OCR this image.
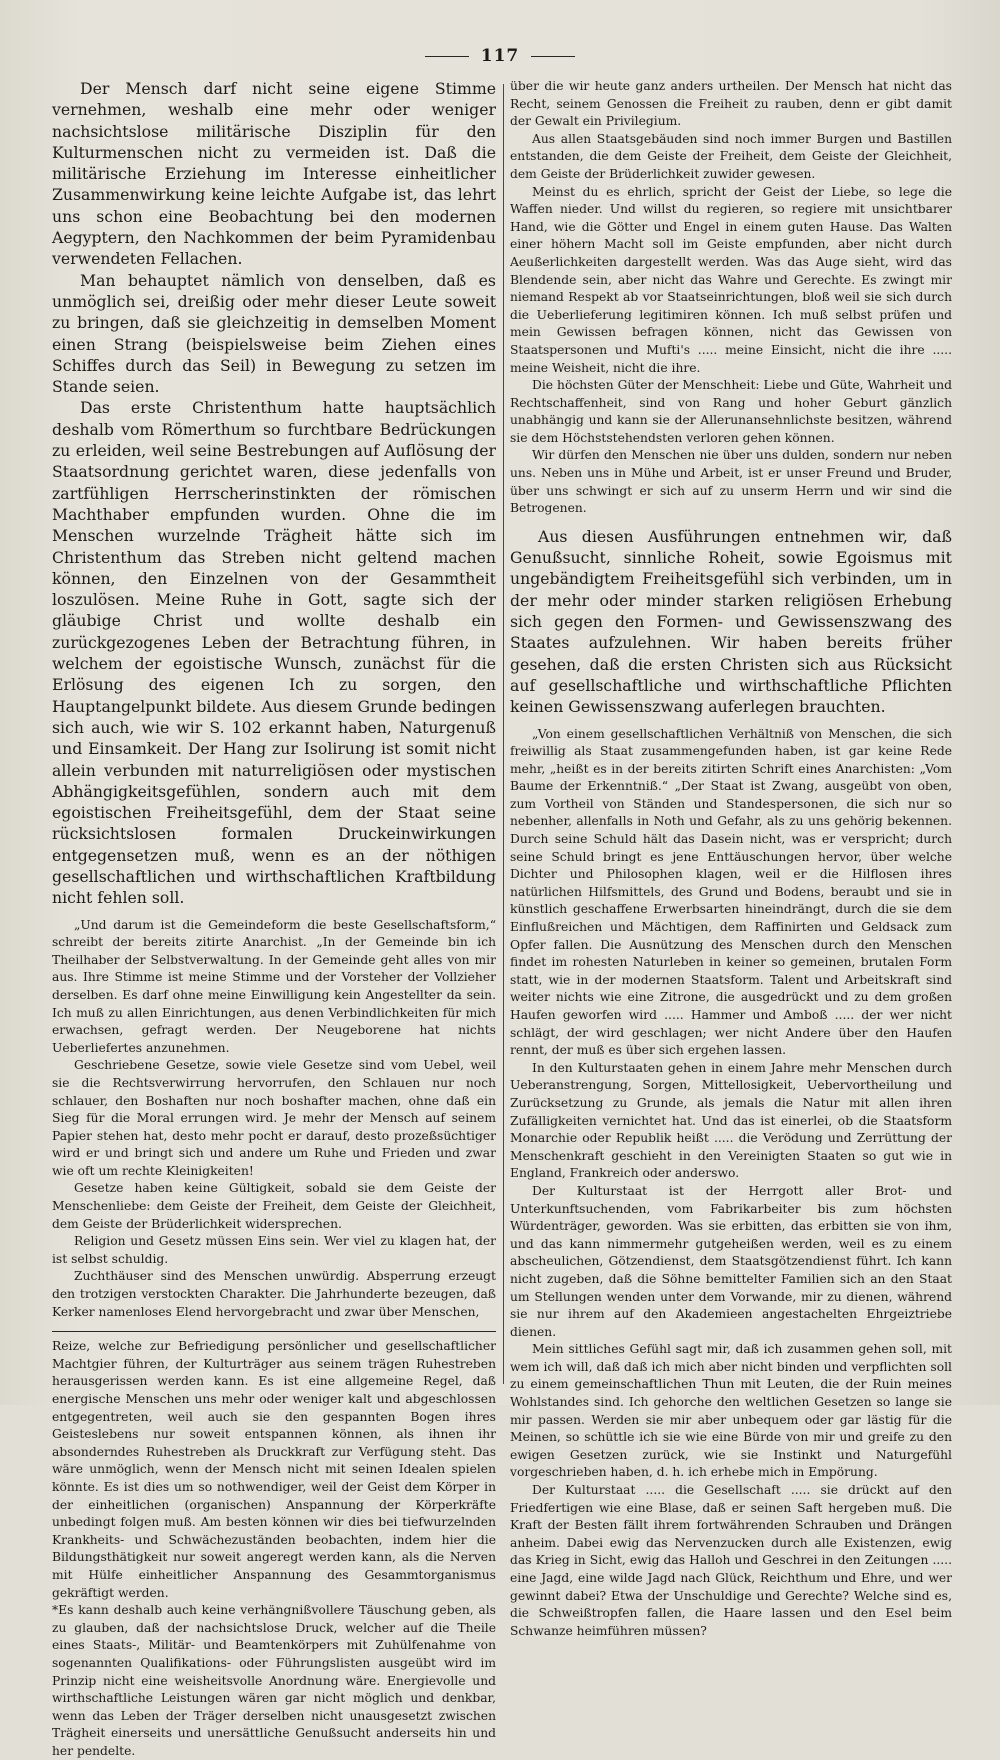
117

Der Mensch darf nicht seine eigene Stimme vernehmen, weshalb eine mehr oder weniger nachsichtslose militärische Disziplin für den Kulturmenschen nicht zu vermeiden ist. Daß die militärische Erziehung im Interesse einheitlicher Zusammenwirkung keine leichte Aufgabe ist, das lehrt uns schon eine Beobachtung bei den modernen Aegyptern, den Nachkommen der beim Pyramidenbau verwendeten Fellachen.

Man behauptet nämlich von denselben, daß es unmöglich sei, dreißig oder mehr dieser Leute soweit zu bringen, daß sie gleichzeitig in demselben Moment einen Strang (beispielsweise beim Ziehen eines Schiffes durch das Seil) in Bewegung zu setzen im Stande seien.

Das erste Christenthum hatte hauptsächlich deshalb vom Römerthum so furchtbare Bedrückungen zu erleiden, weil seine Bestrebungen auf Auflösung der Staatsordnung gerichtet waren, diese jedenfalls von zartfühligen Herrscherinstinkten der römischen Machthaber empfunden wurden. Ohne die im Menschen wurzelnde Trägheit hätte sich im Christenthum das Streben nicht geltend machen können, den Einzelnen von der Gesammtheit loszulösen. Meine Ruhe in Gott, sagte sich der gläubige Christ und wollte deshalb ein zurückgezogenes Leben der Betrachtung führen, in welchem der egoistische Wunsch, zunächst für die Erlösung des eigenen Ich zu sorgen, den Hauptangelpunkt bildete. Aus diesem Grunde bedingen sich auch, wie wir S. 102 erkannt haben, Naturgenuß und Einsamkeit. Der Hang zur Isolirung ist somit nicht allein verbunden mit naturreligiösen oder mystischen Abhängigkeitsgefühlen, sondern auch mit dem egoistischen Freiheitsgefühl, dem der Staat seine rücksichtslosen formalen Druckeinwirkungen entgegensetzen muß, wenn es an der nöthigen gesellschaftlichen und wirthschaftlichen Kraftbildung nicht fehlen soll.

„Und darum ist die Gemeindeform die beste Gesellschaftsform,“ schreibt der bereits zitirte Anarchist. „In der Gemeinde bin ich Theilhaber der Selbstverwaltung. In der Gemeinde geht alles von mir aus. Ihre Stimme ist meine Stimme und der Vorsteher der Vollzieher derselben. Es darf ohne meine Einwilligung kein Angestellter da sein. Ich muß zu allen Einrichtungen, aus denen Verbindlichkeiten für mich erwachsen, gefragt werden. Der Neugeborene hat nichts Ueberliefertes anzunehmen.

Geschriebene Gesetze, sowie viele Gesetze sind vom Uebel, weil sie die Rechtsverwirrung hervorrufen, den Schlauen nur noch schlauer, den Boshaften nur noch boshafter machen, ohne daß ein Sieg für die Moral errungen wird. Je mehr der Mensch auf seinem Papier stehen hat, desto mehr pocht er darauf, desto prozeßsüchtiger wird er und bringt sich und andere um Ruhe und Frieden und zwar wie oft um rechte Kleinigkeiten!

Gesetze haben keine Gültigkeit, sobald sie dem Geiste der Menschenliebe: dem Geiste der Freiheit, dem Geiste der Gleichheit, dem Geiste der Brüderlichkeit widersprechen.

Religion und Gesetz müssen Eins sein. Wer viel zu klagen hat, der ist selbst schuldig.

Zuchthäuser sind des Menschen unwürdig. Absperrung erzeugt den trotzigen verstockten Charakter. Die Jahrhunderte bezeugen, daß Kerker namenloses Elend hervorgebracht und zwar über Menschen,

Reize, welche zur Befriedigung persönlicher und gesellschaftlicher Machtgier führen, der Kulturträger aus seinem trägen Ruhestreben herausgerissen werden kann. Es ist eine allgemeine Regel, daß energische Menschen uns mehr oder weniger kalt und abgeschlossen entgegentreten, weil auch sie den gespannten Bogen ihres Geisteslebens nur soweit entspannen können, als ihnen ihr absonderndes Ruhestreben als Druckkraft zur Verfügung steht. Das wäre unmöglich, wenn der Mensch nicht mit seinen Idealen spielen könnte. Es ist dies um so nothwendiger, weil der Geist dem Körper in der einheitlichen (organischen) Anspannung der Körperkräfte unbedingt folgen muß. Am besten können wir dies bei tiefwurzelnden Krankheits- und Schwächezuständen beobachten, indem hier die Bildungsthätigkeit nur soweit angeregt werden kann, als die Nerven mit Hülfe einheitlicher Anspannung des Gesammtorganismus gekräftigt werden.

*Es kann deshalb auch keine verhängnißvollere Täuschung geben, als zu glauben, daß der nachsichtslose Druck, welcher auf die Theile eines Staats-, Militär- und Beamtenkörpers mit Zuhülfenahme von sogenannten Qualifikations- oder Führungslisten ausgeübt wird im Prinzip nicht eine weisheitsvolle Anordnung wäre. Energievolle und wirthschaftliche Leistungen wären gar nicht möglich und denkbar, wenn das Leben der Träger derselben nicht unausgesetzt zwischen Trägheit einerseits und unersättliche Genußsucht anderseits hin und her pendelte.

über die wir heute ganz anders urtheilen. Der Mensch hat nicht das Recht, seinem Genossen die Freiheit zu rauben, denn er gibt damit der Gewalt ein Privilegium.

Aus allen Staatsgebäuden sind noch immer Burgen und Bastillen entstanden, die dem Geiste der Freiheit, dem Geiste der Gleichheit, dem Geiste der Brüderlichkeit zuwider gewesen.

Meinst du es ehrlich, spricht der Geist der Liebe, so lege die Waffen nieder. Und willst du regieren, so regiere mit unsichtbarer Hand, wie die Götter und Engel in einem guten Hause. Das Walten einer höhern Macht soll im Geiste empfunden, aber nicht durch Aeußerlichkeiten dargestellt werden. Was das Auge sieht, wird das Blendende sein, aber nicht das Wahre und Gerechte. Es zwingt mir niemand Respekt ab vor Staatseinrichtungen, bloß weil sie sich durch die Ueberlieferung legitimiren können. Ich muß selbst prüfen und mein Gewissen befragen können, nicht das Gewissen von Staatspersonen und Mufti's ..... meine Einsicht, nicht die ihre ..... meine Weisheit, nicht die ihre.

Die höchsten Güter der Menschheit: Liebe und Güte, Wahrheit und Rechtschaffenheit, sind von Rang und hoher Geburt gänzlich unabhängig und kann sie der Allerunansehnlichste besitzen, während sie dem Höchststehendsten verloren gehen können.

Wir dürfen den Menschen nie über uns dulden, sondern nur neben uns. Neben uns in Mühe und Arbeit, ist er unser Freund und Bruder, über uns schwingt er sich auf zu unserm Herrn und wir sind die Betrogenen.

Aus diesen Ausführungen entnehmen wir, daß Genußsucht, sinnliche Roheit, sowie Egoismus mit ungebändigtem Freiheitsgefühl sich verbinden, um in der mehr oder minder starken religiösen Erhebung sich gegen den Formen- und Gewissenszwang des Staates aufzulehnen. Wir haben bereits früher gesehen, daß die ersten Christen sich aus Rücksicht auf gesellschaftliche und wirthschaftliche Pflichten keinen Gewissenszwang auferlegen brauchten.

„Von einem gesellschaftlichen Verhältniß von Menschen, die sich freiwillig als Staat zusammengefunden haben, ist gar keine Rede mehr, „heißt es in der bereits zitirten Schrift eines Anarchisten: „Vom Baume der Erkenntniß.“ „Der Staat ist Zwang, ausgeübt von oben, zum Vortheil von Ständen und Standespersonen, die sich nur so nebenher, allenfalls in Noth und Gefahr, als zu uns gehörig bekennen. Durch seine Schuld hält das Dasein nicht, was er verspricht; durch seine Schuld bringt es jene Enttäuschungen hervor, über welche Dichter und Philosophen klagen, weil er die Hilflosen ihres natürlichen Hilfsmittels, des Grund und Bodens, beraubt und sie in künstlich geschaffene Erwerbsarten hineindrängt, durch die sie dem Einflußreichen und Mächtigen, dem Raffinirten und Geldsack zum Opfer fallen. Die Ausnützung des Menschen durch den Menschen findet im rohesten Naturleben in keiner so gemeinen, brutalen Form statt, wie in der modernen Staatsform. Talent und Arbeitskraft sind weiter nichts wie eine Zitrone, die ausgedrückt und zu dem großen Haufen geworfen wird ..... Hammer und Amboß ..... der wer nicht schlägt, der wird geschlagen; wer nicht Andere über den Haufen rennt, der muß es über sich ergehen lassen.

In den Kulturstaaten gehen in einem Jahre mehr Menschen durch Ueberanstrengung, Sorgen, Mittellosigkeit, Uebervortheilung und Zurücksetzung zu Grunde, als jemals die Natur mit allen ihren Zufälligkeiten vernichtet hat. Und das ist einerlei, ob die Staatsform Monarchie oder Republik heißt ..... die Verödung und Zerrüttung der Menschenkraft geschieht in den Vereinigten Staaten so gut wie in England, Frankreich oder anderswo.

Der Kulturstaat ist der Herrgott aller Brot- und Unterkunftsuchenden, vom Fabrikarbeiter bis zum höchsten Würdenträger, geworden. Was sie erbitten, das erbitten sie von ihm, und das kann nimmermehr gutgeheißen werden, weil es zu einem abscheulichen, Götzendienst, dem Staatsgötzendienst führt. Ich kann nicht zugeben, daß die Söhne bemittelter Familien sich an den Staat um Stellungen wenden unter dem Vorwande, mir zu dienen, während sie nur ihrem auf den Akademieen angestachelten Ehrgeiztriebe dienen.

Mein sittliches Gefühl sagt mir, daß ich zusammen gehen soll, mit wem ich will, daß daß ich mich aber nicht binden und verpflichten soll zu einem gemeinschaftlichen Thun mit Leuten, die der Ruin meines Wohlstandes sind. Ich gehorche den weltlichen Gesetzen so lange sie mir passen. Werden sie mir aber unbequem oder gar lästig für die Meinen, so schüttle ich sie wie eine Bürde von mir und greife zu den ewigen Gesetzen zurück, wie sie Instinkt und Naturgefühl vorgeschrieben haben, d. h. ich erhebe mich in Empörung.

Der Kulturstaat ..... die Gesellschaft ..... sie drückt auf den Friedfertigen wie eine Blase, daß er seinen Saft hergeben muß. Die Kraft der Besten fällt ihrem fortwährenden Schrauben und Drängen anheim. Dabei ewig das Nervenzucken durch alle Existenzen, ewig das Krieg in Sicht, ewig das Halloh und Geschrei in den Zeitungen ..... eine Jagd, eine wilde Jagd nach Glück, Reichthum und Ehre, und wer gewinnt dabei? Etwa der Unschuldige und Gerechte? Welche sind es, die Schweißtropfen fallen, die Haare lassen und den Esel beim Schwanze heimführen müssen?
